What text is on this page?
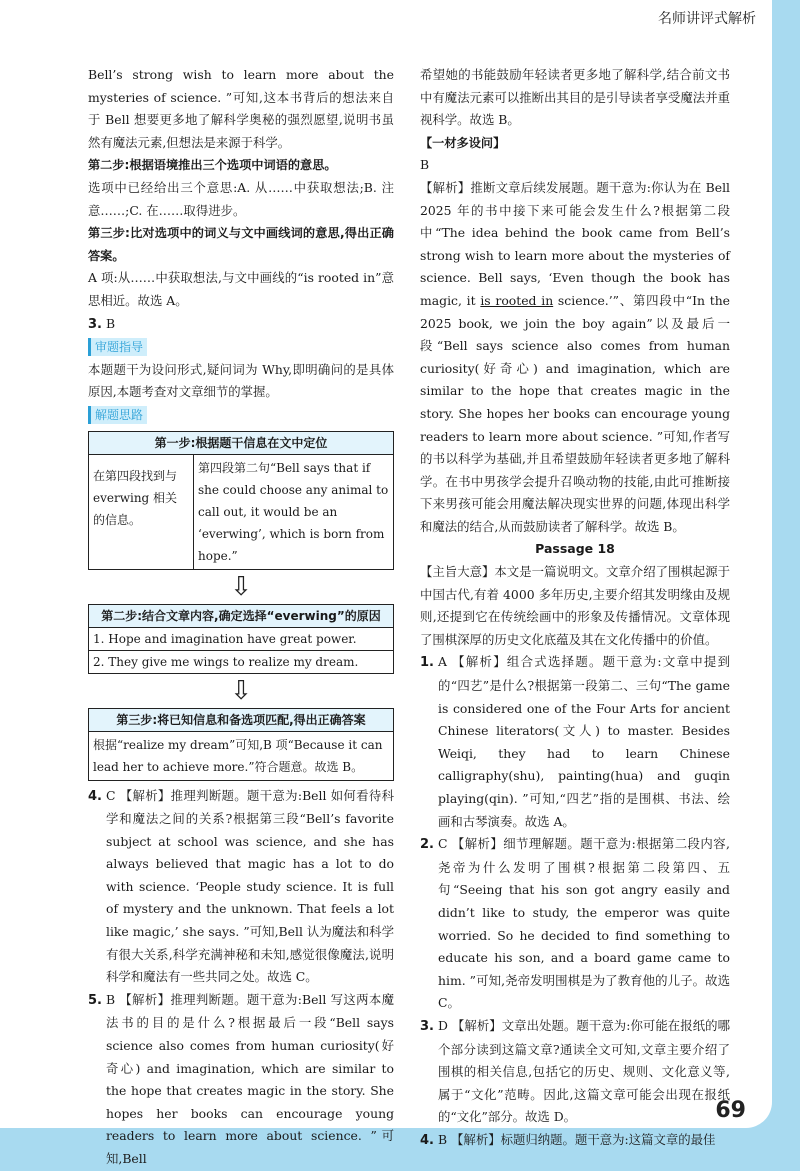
名师讲评式解析

Bell’s strong wish to learn more about the mysteries of science. ”可知,这本书背后的想法来自于 Bell 想要更多地了解科学奥秘的强烈愿望,说明书虽然有魔法元素,但想法是来源于科学。

第二步:根据语境推出三个选项中词语的意思。

选项中已经给出三个意思:A. 从……中获取想法;B. 注意……;C. 在……取得进步。

第三步:比对选项中的词义与文中画线词的意思,得出正确答案。

A 项:从……中获取想法,与文中画线的“is rooted in”意思相近。故选 A。

3. B

审题指导

本题题干为设问形式,疑问词为 Why,即明确问的是具体原因,本题考查对文章细节的掌握。

解题思路
第一步:根据题干信息在文中定位
在第四段找到与 everwing 相关的信息。
第四段第二句“Bell says that if she could choose any animal to call out, it would be an ‘everwing’, which is born from hope.”
⇩
第二步:结合文章内容,确定选择“everwing”的原因
1. Hope and imagination have great power.
2. They give me wings to realize my dream.
⇩
第三步:将已知信息和备选项匹配,得出正确答案
根据“realize my dream”可知,B 项“Because it can lead her to achieve more.”符合题意。故选 B。

4. C 【解析】推理判断题。题干意为:Bell 如何看待科学和魔法之间的关系?根据第三段“Bell’s favorite subject at school was science, and she has always believed that magic has a lot to do with science. ‘People study science. It is full of mystery and the unknown. That feels a lot like magic,’ she says. ”可知,Bell 认为魔法和科学有很大关系,科学充满神秘和未知,感觉很像魔法,说明科学和魔法有一些共同之处。故选 C。

5. B 【解析】推理判断题。题干意为:Bell 写这两本魔法书的目的是什么?根据最后一段“Bell says science also comes from human curiosity(好奇心) and imagination, which are similar to the hope that creates magic in the story. She hopes her books can encourage young readers to learn more about science. ”可知,Bell

希望她的书能鼓励年轻读者更多地了解科学,结合前文书中有魔法元素可以推断出其目的是引导读者享受魔法并重视科学。故选 B。

【一材多设问】

B

【解析】推断文章后续发展题。题干意为:你认为在 Bell 2025 年的书中接下来可能会发生什么?根据第二段中“The idea behind the book came from Bell’s strong wish to learn more about the mysteries of science. Bell says, ‘Even though the book has magic, it is rooted in science.’”、第四段中“In the 2025 book, we join the boy again”以及最后一段“Bell says science also comes from human curiosity(好奇心) and imagination, which are similar to the hope that creates magic in the story. She hopes her books can encourage young readers to learn more about science. ”可知,作者写的书以科学为基础,并且希望鼓励年轻读者更多地了解科学。在书中男孩学会提升召唤动物的技能,由此可推断接下来男孩可能会用魔法解决现实世界的问题,体现出科学和魔法的结合,从而鼓励读者了解科学。故选 B。

Passage 18

【主旨大意】本文是一篇说明文。文章介绍了围棋起源于中国古代,有着 4000 多年历史,主要介绍其发明缘由及规则,还提到它在传统绘画中的形象及传播情况。文章体现了围棋深厚的历史文化底蕴及其在文化传播中的价值。

1. A 【解析】组合式选择题。题干意为:文章中提到的“四艺”是什么?根据第一段第二、三句“The game is considered one of the Four Arts for ancient Chinese literators(文人) to master. Besides Weiqi, they had to learn Chinese calligraphy(shu), painting(hua) and guqin playing(qin). ”可知,“四艺”指的是围棋、书法、绘画和古琴演奏。故选 A。

2. C 【解析】细节理解题。题干意为:根据第二段内容,尧帝为什么发明了围棋?根据第二段第四、五句“Seeing that his son got angry easily and didn’t like to study, the emperor was quite worried. So he decided to find something to educate his son, and a board game came to him. ”可知,尧帝发明围棋是为了教育他的儿子。故选 C。

3. D 【解析】文章出处题。题干意为:你可能在报纸的哪个部分读到这篇文章?通读全文可知,文章主要介绍了围棋的相关信息,包括它的历史、规则、文化意义等,属于“文化”范畴。因此,这篇文章可能会出现在报纸的“文化”部分。故选 D。

4. B 【解析】标题归纳题。题干意为:这篇文章的最佳

69
